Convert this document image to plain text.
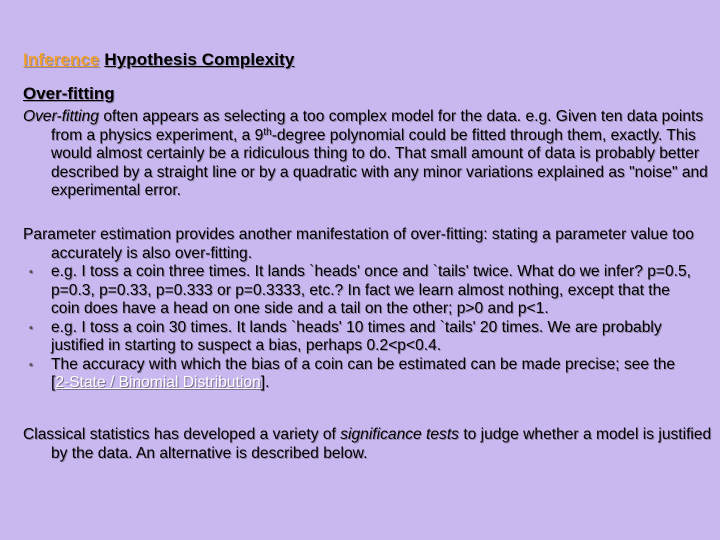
Inference Hypothesis Complexity
Over-fitting
Over-fitting often appears as selecting a too complex model for the data. e.g. Given ten data points from a physics experiment, a 9th-degree polynomial could be fitted through them, exactly. This would almost certainly be a ridiculous thing to do. That small amount of data is probably better described by a straight line or by a quadratic with any minor variations explained as "noise" and experimental error.
Parameter estimation provides another manifestation of over-fitting: stating a parameter value too accurately is also over-fitting.
▪ e.g. I toss a coin three times. It lands `heads' once and `tails' twice. What do we infer? p=0.5, p=0.3, p=0.33, p=0.333 or p=0.3333, etc.? In fact we learn almost nothing, except that the coin does have a head on one side and a tail on the other; p>0 and p<1.
▪ e.g. I toss a coin 30 times. It lands `heads' 10 times and `tails' 20 times. We are probably justified in starting to suspect a bias, perhaps 0.2<p<0.4.
▪ The accuracy with which the bias of a coin can be estimated can be made precise; see the [2-State / Binomial Distribution].
Classical statistics has developed a variety of significance tests to judge whether a model is justified by the data. An alternative is described below.
